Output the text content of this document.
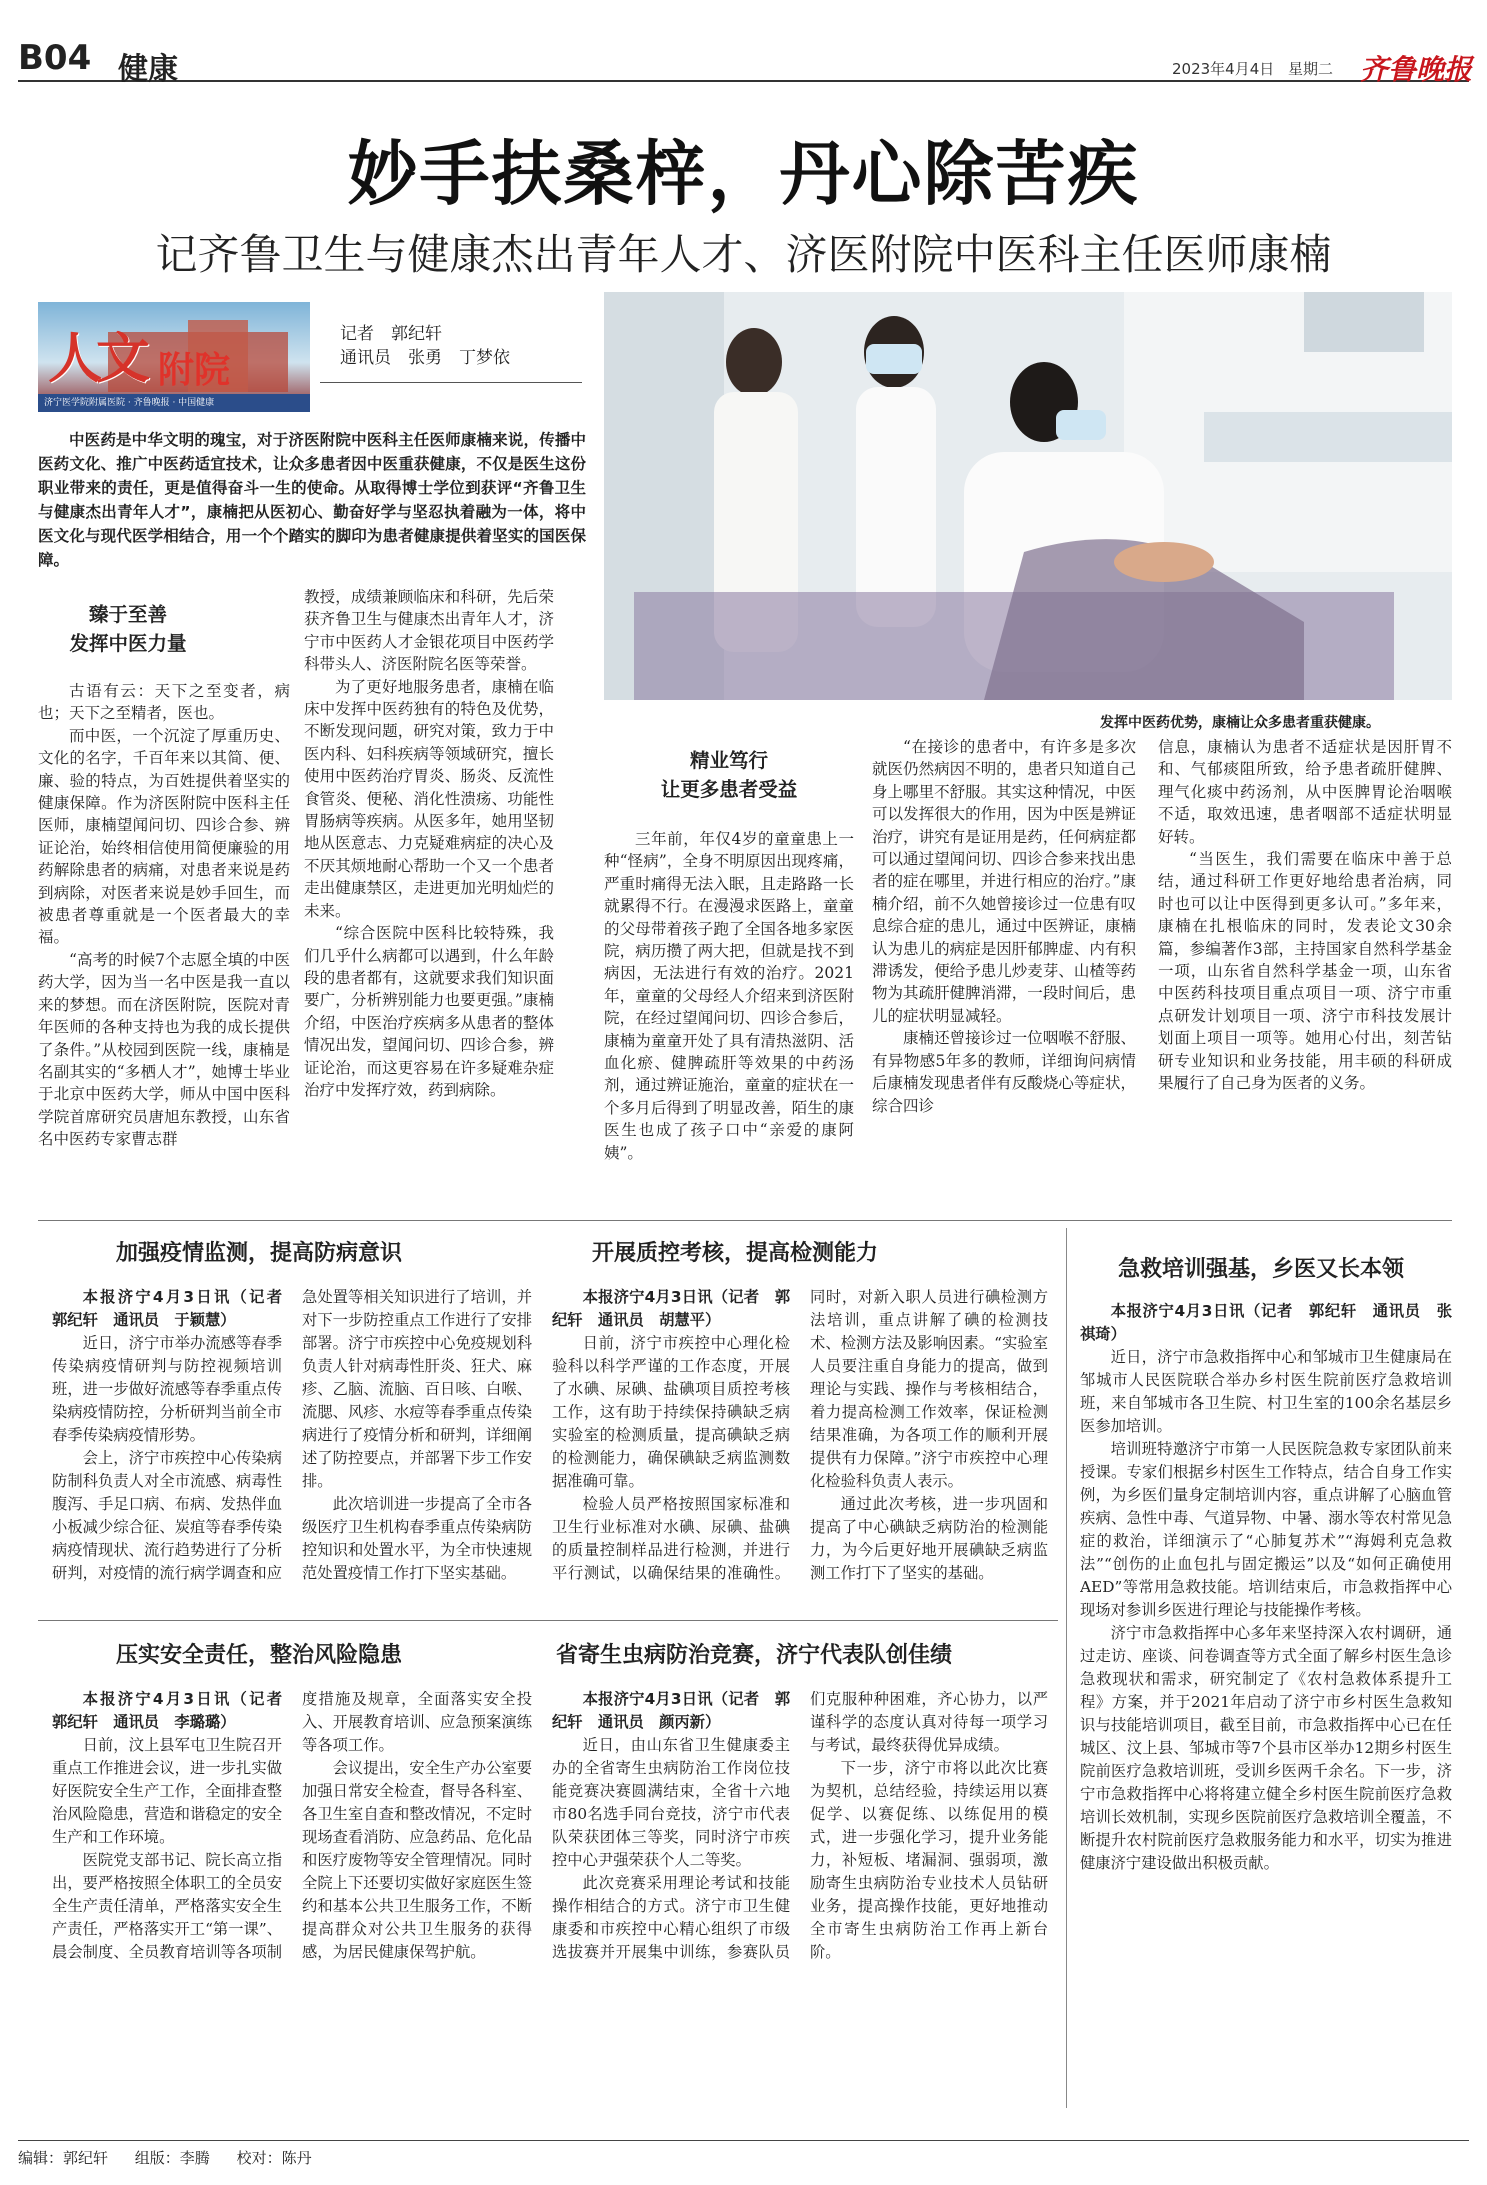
B04 健康	2023年4月4日 星期二 齐鲁晚报
妙手扶桑梓，丹心除苦疾
记齐鲁卫生与健康杰出青年人才、济医附院中医科主任医师康楠
人文 附院
济宁医学院附属医院 · 齐鲁晚报 · 中国健康
记者　郭纪轩
通讯员　张勇　丁梦依
发挥中医药优势，康楠让众多患者重获健康。
中医药是中华文明的瑰宝，对于济医附院中医科主任医师康楠来说，传播中医药文化、推广中医药适宜技术，让众多患者因中医重获健康，不仅是医生这份职业带来的责任，更是值得奋斗一生的使命。从取得博士学位到获评“齐鲁卫生与健康杰出青年人才”，康楠把从医初心、勤奋好学与坚忍执着融为一体，将中医文化与现代医学相结合，用一个个踏实的脚印为患者健康提供着坚实的国医保障。
臻于至善
发挥中医力量

古语有云：天下之至变者，病也；天下之至精者，医也。

而中医，一个沉淀了厚重历史、文化的名字，千百年来以其简、便、廉、验的特点，为百姓提供着坚实的健康保障。作为济医附院中医科主任医师，康楠望闻问切、四诊合参、辨证论治，始终相信使用简便廉验的用药解除患者的病痛，对患者来说是药到病除，对医者来说是妙手回生，而被患者尊重就是一个医者最大的幸福。

“高考的时候7个志愿全填的中医药大学，因为当一名中医是我一直以来的梦想。而在济医附院，医院对青年医师的各种支持也为我的成长提供了条件。”从校园到医院一线，康楠是名副其实的“多栖人才”，她博士毕业于北京中医药大学，师从中国中医科学院首席研究员唐旭东教授，山东省名中医药专家曹志群

教授，成绩兼顾临床和科研，先后荣获齐鲁卫生与健康杰出青年人才，济宁市中医药人才金银花项目中医药学科带头人、济医附院名医等荣誉。

为了更好地服务患者，康楠在临床中发挥中医药独有的特色及优势，不断发现问题，研究对策，致力于中医内科、妇科疾病等领域研究，擅长使用中医药治疗胃炎、肠炎、反流性食管炎、便秘、消化性溃疡、功能性胃肠病等疾病。从医多年，她用坚韧地从医意志、力克疑难病症的决心及不厌其烦地耐心帮助一个又一个患者走出健康禁区，走进更加光明灿烂的未来。

“综合医院中医科比较特殊，我们几乎什么病都可以遇到，什么年龄段的患者都有，这就要求我们知识面要广，分析辨别能力也要更强。”康楠介绍，中医治疗疾病多从患者的整体情况出发，望闻问切、四诊合参，辨证论治，而这更容易在许多疑难杂症治疗中发挥疗效，药到病除。

精业笃行
让更多患者受益

三年前，年仅4岁的童童患上一种“怪病”，全身不明原因出现疼痛，严重时痛得无法入眠，且走路路一长就累得不行。在漫漫求医路上，童童的父母带着孩子跑了全国各地多家医院，病历攒了两大把，但就是找不到病因，无法进行有效的治疗。2021年，童童的父母经人介绍来到济医附院，在经过望闻问切、四诊合参后，康楠为童童开处了具有清热滋阴、活血化瘀、健脾疏肝等效果的中药汤剂，通过辨证施治，童童的症状在一个多月后得到了明显改善，陌生的康医生也成了孩子口中“亲爱的康阿姨”。

“在接诊的患者中，有许多是多次就医仍然病因不明的，患者只知道自己身上哪里不舒服。其实这种情况，中医可以发挥很大的作用，因为中医是辨证治疗，讲究有是证用是药，任何病症都可以通过望闻问切、四诊合参来找出患者的症在哪里，并进行相应的治疗。”康楠介绍，前不久她曾接诊过一位患有叹息综合症的患儿，通过中医辨证，康楠认为患儿的病症是因肝郁脾虚、内有积滞诱发，便给予患儿炒麦芽、山楂等药物为其疏肝健脾消滞，一段时间后，患儿的症状明显减轻。

康楠还曾接诊过一位咽喉不舒服、有异物感5年多的教师，详细询问病情后康楠发现患者伴有反酸烧心等症状，综合四诊

信息，康楠认为患者不适症状是因肝胃不和、气郁痰阻所致，给予患者疏肝健脾、理气化痰中药汤剂，从中医脾胃论治咽喉不适，取效迅速，患者咽部不适症状明显好转。

“当医生，我们需要在临床中善于总结，通过科研工作更好地给患者治病，同时也可以让中医得到更多认可。”多年来，康楠在扎根临床的同时，发表论文30余篇，参编著作3部，主持国家自然科学基金一项，山东省自然科学基金一项，山东省中医药科技项目重点项目一项、济宁市重点研发计划项目一项、济宁市科技发展计划面上项目一项等。她用心付出，刻苦钻研专业知识和业务技能，用丰硕的科研成果履行了自己身为医者的义务。

加强疫情监测，提高防病意识

本报济宁4月3日讯（记者　郭纪轩　通讯员　于颖慧）

近日，济宁市举办流感等春季传染病疫情研判与防控视频培训班，进一步做好流感等春季重点传染病疫情防控，分析研判当前全市春季传染病疫情形势。

会上，济宁市疾控中心传染病防制科负责人对全市流感、病毒性腹泻、手足口病、布病、发热伴血小板减少综合征、炭疽等春季传染病疫情现状、流行趋势进行了分析研判，对疫情的流行病学调查和应急处置等相关知识进行了培训，并对下一步防控重点工作进行了安排部署。济宁市疾控中心免疫规划科负责人针对病毒性肝炎、狂犬、麻疹、乙脑、流脑、百日咳、白喉、流腮、风疹、水痘等春季重点传染病进行了疫情分析和研判，详细阐述了防控要点，并部署下步工作安排。

此次培训进一步提高了全市各级医疗卫生机构春季重点传染病防控知识和处置水平，为全市快速规范处置疫情工作打下坚实基础。

开展质控考核，提高检测能力

本报济宁4月3日讯（记者　郭纪轩　通讯员　胡慧平）

日前，济宁市疾控中心理化检验科以科学严谨的工作态度，开展了水碘、尿碘、盐碘项目质控考核工作，这有助于持续保持碘缺乏病实验室的检测质量，提高碘缺乏病的检测能力，确保碘缺乏病监测数据准确可靠。

检验人员严格按照国家标准和卫生行业标准对水碘、尿碘、盐碘的质量控制样品进行检测，并进行平行测试，以确保结果的准确性。同时，对新入职人员进行碘检测方法培训，重点讲解了碘的检测技术、检测方法及影响因素。“实验室人员要注重自身能力的提高，做到理论与实践、操作与考核相结合，着力提高检测工作效率，保证检测结果准确，为各项工作的顺利开展提供有力保障。”济宁市疾控中心理化检验科负责人表示。

通过此次考核，进一步巩固和提高了中心碘缺乏病防治的检测能力，为今后更好地开展碘缺乏病监测工作打下了坚实的基础。

急救培训强基，乡医又长本领

本报济宁4月3日讯（记者　郭纪轩　通讯员　张祺琦）

近日，济宁市急救指挥中心和邹城市卫生健康局在邹城市人民医院联合举办乡村医生院前医疗急救培训班，来自邹城市各卫生院、村卫生室的100余名基层乡医参加培训。

培训班特邀济宁市第一人民医院急救专家团队前来授课。专家们根据乡村医生工作特点，结合自身工作实例，为乡医们量身定制培训内容，重点讲解了心脑血管疾病、急性中毒、气道异物、中暑、溺水等农村常见急症的救治，详细演示了“心肺复苏术”“海姆利克急救法”“创伤的止血包扎与固定搬运”以及“如何正确使用AED”等常用急救技能。培训结束后，市急救指挥中心现场对参训乡医进行理论与技能操作考核。

济宁市急救指挥中心多年来坚持深入农村调研，通过走访、座谈、问卷调查等方式全面了解乡村医生急诊急救现状和需求，研究制定了《农村急救体系提升工程》方案，并于2021年启动了济宁市乡村医生急救知识与技能培训项目，截至目前，市急救指挥中心已在任城区、汶上县、邹城市等7个县市区举办12期乡村医生院前医疗急救培训班，受训乡医两千余名。下一步，济宁市急救指挥中心将将建立健全乡村医生院前医疗急救培训长效机制，实现乡医院前医疗急救培训全覆盖，不断提升农村院前医疗急救服务能力和水平，切实为推进健康济宁建设做出积极贡献。

压实安全责任，整治风险隐患

本报济宁4月3日讯（记者　郭纪轩　通讯员　李璐璐）

日前，汶上县军屯卫生院召开重点工作推进会议，进一步扎实做好医院安全生产工作，全面排查整治风险隐患，营造和谐稳定的安全生产和工作环境。

医院党支部书记、院长高立指出，要严格按照全体职工的全员安全生产责任清单，严格落实安全生产责任，严格落实开工“第一课”、晨会制度、全员教育培训等各项制度措施及规章，全面落实安全投入、开展教育培训、应急预案演练等各项工作。

会议提出，安全生产办公室要加强日常安全检查，督导各科室、各卫生室自查和整改情况，不定时现场查看消防、应急药品、危化品和医疗废物等安全管理情况。同时全院上下还要切实做好家庭医生签约和基本公共卫生服务工作，不断提高群众对公共卫生服务的获得感，为居民健康保驾护航。

省寄生虫病防治竞赛，济宁代表队创佳绩

本报济宁4月3日讯（记者　郭纪轩　通讯员　颜丙新）

近日，由山东省卫生健康委主办的全省寄生虫病防治工作岗位技能竞赛决赛圆满结束，全省十六地市80名选手同台竞技，济宁市代表队荣获团体三等奖，同时济宁市疾控中心尹强荣获个人二等奖。

此次竞赛采用理论考试和技能操作相结合的方式。济宁市卫生健康委和市疾控中心精心组织了市级选拔赛并开展集中训练，参赛队员们克服种种困难，齐心协力，以严谨科学的态度认真对待每一项学习与考试，最终获得优异成绩。

下一步，济宁市将以此次比赛为契机，总结经验，持续运用以赛促学、以赛促练、以练促用的模式，进一步强化学习，提升业务能力，补短板、堵漏洞、强弱项，激励寄生虫病防治专业技术人员钻研业务，提高操作技能，更好地推动全市寄生虫病防治工作再上新台阶。

编辑：郭纪轩 组版：李腾 校对：陈丹
